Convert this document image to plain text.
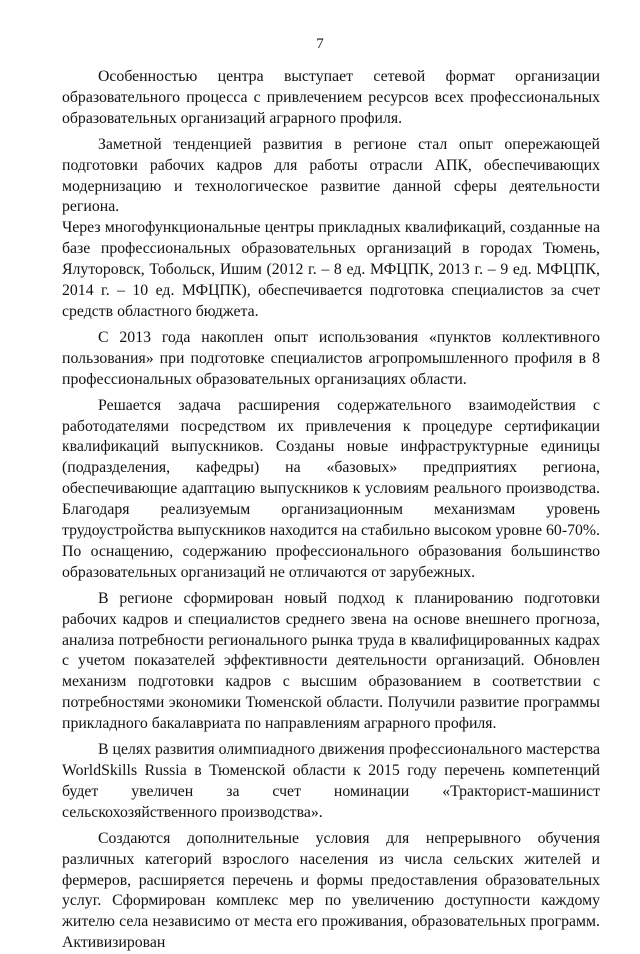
7

Особенностью центра выступает сетевой формат организации образовательного процесса с привлечением ресурсов всех профессиональных образовательных организаций аграрного профиля.

Заметной тенденцией развития в регионе стал опыт опережающей подготовки рабочих кадров для работы отрасли АПК, обеспечивающих модернизацию и технологическое развитие данной сферы деятельности региона.

Через многофункциональные центры прикладных квалификаций, созданные на базе профессиональных образовательных организаций в городах Тюмень, Ялуторовск, Тобольск, Ишим (2012 г. – 8 ед. МФЦПК, 2013 г. – 9 ед. МФЦПК, 2014 г. – 10 ед. МФЦПК), обеспечивается подготовка специалистов за счет средств областного бюджета.

С 2013 года накоплен опыт использования «пунктов коллективного пользования» при подготовке специалистов агропромышленного профиля в 8 профессиональных образовательных организациях области.

Решается задача расширения содержательного взаимодействия с работодателями посредством их привлечения к процедуре сертификации квалификаций выпускников. Созданы новые инфраструктурные единицы (подразделения, кафедры) на «базовых» предприятиях региона, обеспечивающие адаптацию выпускников к условиям реального производства. Благодаря реализуемым организационным механизмам уровень трудоустройства выпускников находится на стабильно высоком уровне 60-70%. По оснащению, содержанию профессионального образования большинство образовательных организаций не отличаются от зарубежных.

В регионе сформирован новый подход к планированию подготовки рабочих кадров и специалистов среднего звена на основе внешнего прогноза, анализа потребности регионального рынка труда в квалифицированных кадрах с учетом показателей эффективности деятельности организаций. Обновлен механизм подготовки кадров с высшим образованием в соответствии с потребностями экономики Тюменской области. Получили развитие программы прикладного бакалавриата по направлениям аграрного профиля.

В целях развития олимпиадного движения профессионального мастерства WorldSkills Russia в Тюменской области к 2015 году перечень компетенций будет увеличен за счет номинации «Тракторист-машинист сельскохозяйственного производства».

Создаются дополнительные условия для непрерывного обучения различных категорий взрослого населения из числа сельских жителей и фермеров, расширяется перечень и формы предоставления образовательных услуг. Сформирован комплекс мер по увеличению доступности каждому жителю села независимо от места его проживания, образовательных программ. Активизирован
